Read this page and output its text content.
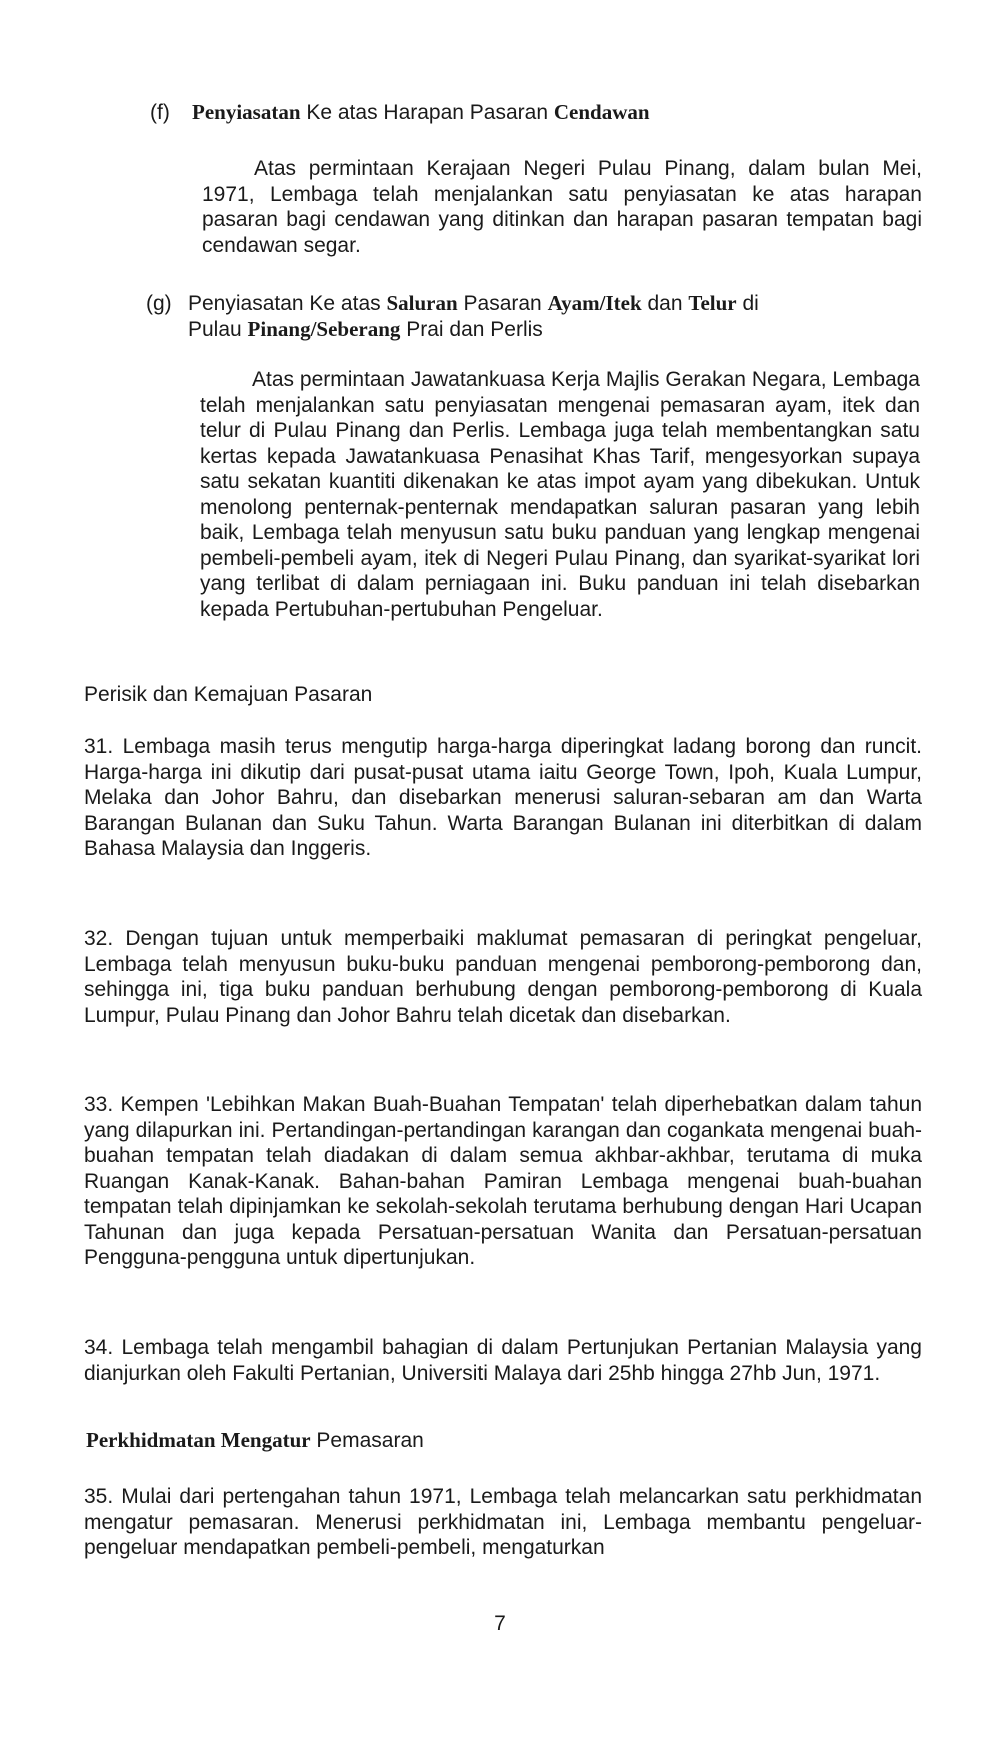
(f) Penyiasatan Ke atas Harapan Pasaran Cendawan

Atas permintaan Kerajaan Negeri Pulau Pinang, dalam bulan Mei, 1971, Lembaga telah menjalankan satu penyiasatan ke atas harapan pasaran bagi cendawan yang ditinkan dan harapan pasaran tempatan bagi cendawan segar.

(g) Penyiasatan Ke atas Saluran Pasaran Ayam/Itek dan Telur di
Pulau Pinang/Seberang Prai dan Perlis

Atas permintaan Jawatankuasa Kerja Majlis Gerakan Negara, Lembaga telah menjalankan satu penyiasatan mengenai pemasaran ayam, itek dan telur di Pulau Pinang dan Perlis. Lembaga juga telah membentangkan satu kertas kepada Jawatankuasa Penasihat Khas Tarif, mengesyorkan supaya satu sekatan kuantiti dikenakan ke atas impot ayam yang dibekukan. Untuk menolong penternak-penternak mendapatkan saluran pasaran yang lebih baik, Lembaga telah menyusun satu buku panduan yang lengkap mengenai pembeli-pembeli ayam, itek di Negeri Pulau Pinang, dan syarikat-syarikat lori yang terlibat di dalam perniagaan ini. Buku panduan ini telah disebarkan kepada Pertubuhan-pertubuhan Pengeluar.

Perisik dan Kemajuan Pasaran

31. Lembaga masih terus mengutip harga-harga diperingkat ladang borong dan runcit. Harga-harga ini dikutip dari pusat-pusat utama iaitu George Town, Ipoh, Kuala Lumpur, Melaka dan Johor Bahru, dan disebarkan menerusi saluran-sebaran am dan Warta Barangan Bulanan dan Suku Tahun. Warta Barangan Bulanan ini diterbitkan di dalam Bahasa Malaysia dan Inggeris.

32. Dengan tujuan untuk memperbaiki maklumat pemasaran di peringkat pengeluar, Lembaga telah menyusun buku-buku panduan mengenai pemborong-pemborong dan, sehingga ini, tiga buku panduan berhubung dengan pemborong-pemborong di Kuala Lumpur, Pulau Pinang dan Johor Bahru telah dicetak dan disebarkan.

33. Kempen 'Lebihkan Makan Buah-Buahan Tempatan' telah diperhebatkan dalam tahun yang dilapurkan ini. Pertandingan-pertandingan karangan dan cogankata mengenai buah-buahan tempatan telah diadakan di dalam semua akhbar-akhbar, terutama di muka Ruangan Kanak-Kanak. Bahan-bahan Pamiran Lembaga mengenai buah-buahan tempatan telah dipinjamkan ke sekolah-sekolah terutama berhubung dengan Hari Ucapan Tahunan dan juga kepada Persatuan-persatuan Wanita dan Persatuan-persatuan Pengguna-pengguna untuk dipertunjukan.

34. Lembaga telah mengambil bahagian di dalam Pertunjukan Pertanian Malaysia yang dianjurkan oleh Fakulti Pertanian, Universiti Malaya dari 25hb hingga 27hb Jun, 1971.

Perkhidmatan Mengatur Pemasaran

35. Mulai dari pertengahan tahun 1971, Lembaga telah melancarkan satu perkhidmatan mengatur pemasaran. Menerusi perkhidmatan ini, Lembaga membantu pengeluar-pengeluar mendapatkan pembeli-pembeli, mengaturkan

7
